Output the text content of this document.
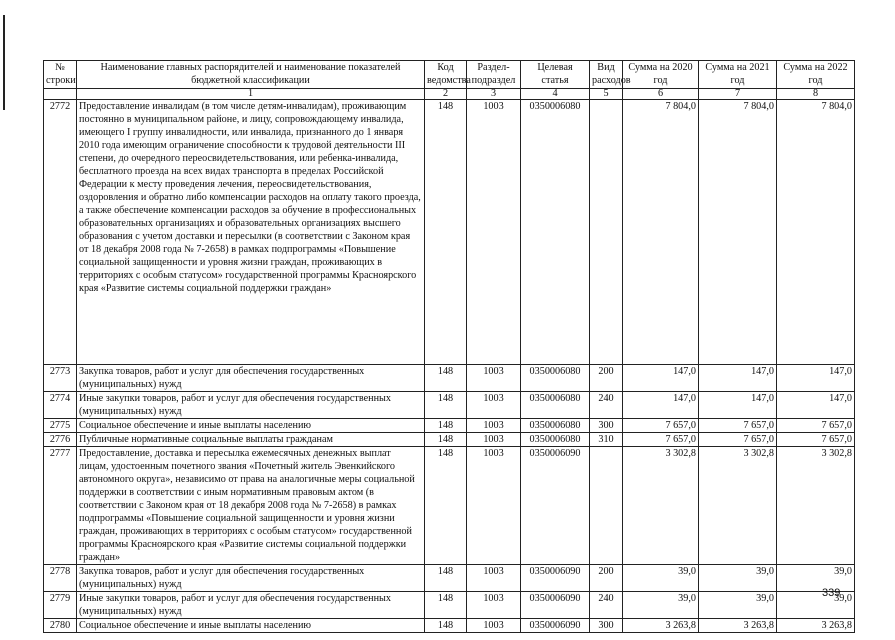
№ строки	Наименование главных распорядителей и наименование показателей бюджетной классификации	Код ведомства	Раздел-подраздел	Целевая статья	Вид расходов	Сумма на 2020 год	Сумма на 2021 год	Сумма на 2022 год
	1	2	3	4	5	6	7	8
2772	Предоставление инвалидам (в том числе детям-инвалидам), проживающим постоянно в муниципальном районе, и лицу, сопровождающему инвалида, имеющего I группу инвалидности, или инвалида, признанного до 1 января 2010 года имеющим ограничение способности к трудовой деятельности III степени, до очередного переосвидетельствования, или ребенка-инвалида, бесплатного проезда на всех видах транспорта в пределах Российской Федерации к месту проведения лечения, переосвидетельствования, оздоровления и обратно либо компенсации расходов на оплату такого проезда, а также обеспечение компенсации расходов за обучение в профессиональных образовательных организациях и образовательных организациях высшего образования с учетом доставки и пересылки (в соответствии с Законом края от 18 декабря 2008 года № 7-2658) в рамках подпрограммы «Повышение социальной защищенности и уровня жизни граждан, проживающих в территориях с особым статусом» государственной программы Красноярского края «Развитие системы социальной поддержки граждан»	148	1003	0350006080		7 804,0	7 804,0	7 804,0
2773	Закупка товаров, работ и услуг для обеспечения государственных (муниципальных) нужд	148	1003	0350006080	200	147,0	147,0	147,0
2774	Иные закупки товаров, работ и услуг для обеспечения государственных (муниципальных) нужд	148	1003	0350006080	240	147,0	147,0	147,0
2775	Социальное обеспечение и иные выплаты населению	148	1003	0350006080	300	7 657,0	7 657,0	7 657,0
2776	Публичные нормативные социальные выплаты гражданам	148	1003	0350006080	310	7 657,0	7 657,0	7 657,0
2777	Предоставление, доставка и пересылка ежемесячных денежных выплат лицам, удостоенным почетного звания «Почетный житель Эвенкийского автономного округа», независимо от права на аналогичные меры социальной поддержки в соответствии с иным нормативным правовым актом (в соответствии с Законом края от 18 декабря 2008 года № 7-2658) в рамках подпрограммы «Повышение социальной защищенности и уровня жизни граждан, проживающих в территориях с особым статусом» государственной программы Красноярского края «Развитие системы социальной поддержки граждан»	148	1003	0350006090		3 302,8	3 302,8	3 302,8
2778	Закупка товаров, работ и услуг для обеспечения государственных (муниципальных) нужд	148	1003	0350006090	200	39,0	39,0	39,0
2779	Иные закупки товаров, работ и услуг для обеспечения государственных (муниципальных) нужд	148	1003	0350006090	240	39,0	39,0	39,0
2780	Социальное обеспечение и иные выплаты населению	148	1003	0350006090	300	3 263,8	3 263,8	3 263,8
339
